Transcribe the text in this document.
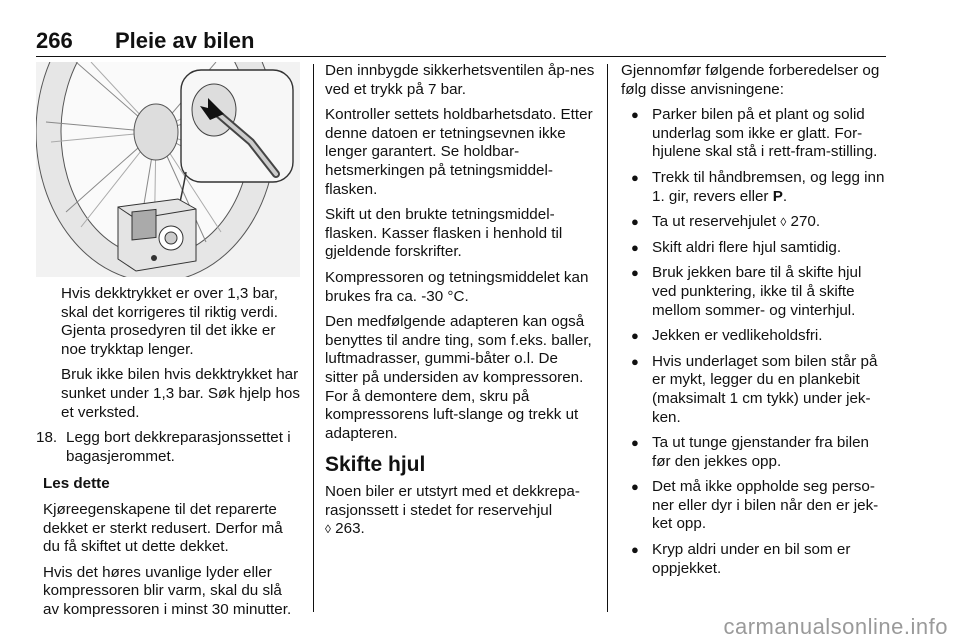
266 Pleie av bilen

Hvis dekktrykket er over 1,3 bar, skal det korrigeres til riktig verdi. Gjenta prosedyren til det ikke er noe trykktap lenger.

Bruk ikke bilen hvis dekktrykket har sunket under 1,3 bar. Søk hjelp hos et verksted.

18. Legg bort dekkreparasjonssettet i bagasjerommet.

Les dette

Kjøreegenskapene til det reparerte dekket er sterkt redusert. Derfor må du få skiftet ut dette dekket.

Hvis det høres uvanlige lyder eller kompressoren blir varm, skal du slå av kompressoren i minst 30 minutter.

Den innbygde sikkerhetsventilen åp-nes ved et trykk på 7 bar.

Kontroller settets holdbarhetsdato. Etter denne datoen er tetningsevnen ikke lenger garantert. Se holdbar-hetsmerkingen på tetningsmiddel-flasken.

Skift ut den brukte tetningsmiddel-flasken. Kasser flasken i henhold til gjeldende forskrifter.

Kompressoren og tetningsmiddelet kan brukes fra ca. -30 °C.

Den medfølgende adapteren kan også benyttes til andre ting, som f.eks. baller, luftmadrasser, gummi-båter o.l. De sitter på undersiden av kompressoren. For å demontere dem, skru på kompressorens luft-slange og trekk ut adapteren.

Skifte hjul

Noen biler er utstyrt med et dekkrepa-rasjonssett i stedet for reservehjul
◊ 263.

Gjennomfør følgende forberedelser og følg disse anvisningene:

● Parker bilen på et plant og solid underlag som ikke er glatt. For-hjulene skal stå i rett-fram-stilling.
● Trekk til håndbremsen, og legg inn 1. gir, revers eller P.
● Ta ut reservehjulet ◊ 270.
● Skift aldri flere hjul samtidig.
● Bruk jekken bare til å skifte hjul ved punktering, ikke til å skifte mellom sommer- og vinterhjul.
● Jekken er vedlikeholdsfri.
● Hvis underlaget som bilen står på er mykt, legger du en plankebit (maksimalt 1 cm tykk) under jek-ken.
● Ta ut tunge gjenstander fra bilen før den jekkes opp.
● Det må ikke oppholde seg perso-ner eller dyr i bilen når den er jek-ket opp.
● Kryp aldri under en bil som er oppjekket.
carmanualsonline.info
